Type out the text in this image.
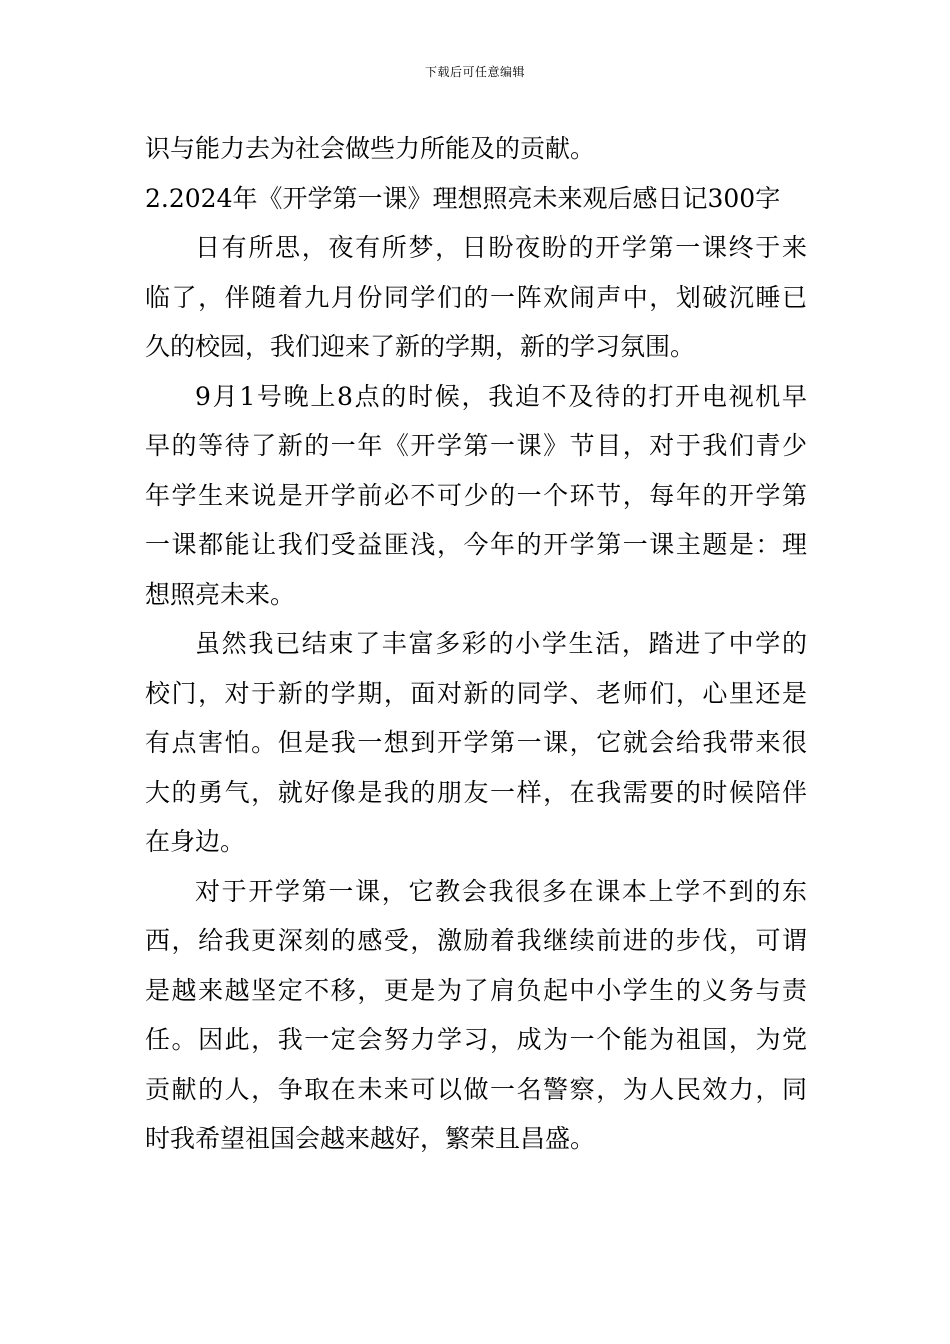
下载后可任意编辑
识与能力去为社会做些力所能及的贡献。
2.2024年《开学第一课》理想照亮未来观后感日记300字
日有所思，夜有所梦，日盼夜盼的开学第一课终于来
临了，伴随着九月份同学们的一阵欢闹声中，划破沉睡已
久的校园，我们迎来了新的学期，新的学习氛围。
9月1号晚上8点的时候，我迫不及待的打开电视机早
早的等待了新的一年《开学第一课》节目，对于我们青少
年学生来说是开学前必不可少的一个环节，每年的开学第
一课都能让我们受益匪浅，今年的开学第一课主题是：理
想照亮未来。
虽然我已结束了丰富多彩的小学生活，踏进了中学的
校门，对于新的学期，面对新的同学、老师们，心里还是
有点害怕。但是我一想到开学第一课，它就会给我带来很
大的勇气，就好像是我的朋友一样，在我需要的时候陪伴
在身边。
对于开学第一课，它教会我很多在课本上学不到的东
西，给我更深刻的感受，激励着我继续前进的步伐，可谓
是越来越坚定不移，更是为了肩负起中小学生的义务与责
任。因此，我一定会努力学习，成为一个能为祖国，为党
贡献的人，争取在未来可以做一名警察，为人民效力，同
时我希望祖国会越来越好，繁荣且昌盛。
